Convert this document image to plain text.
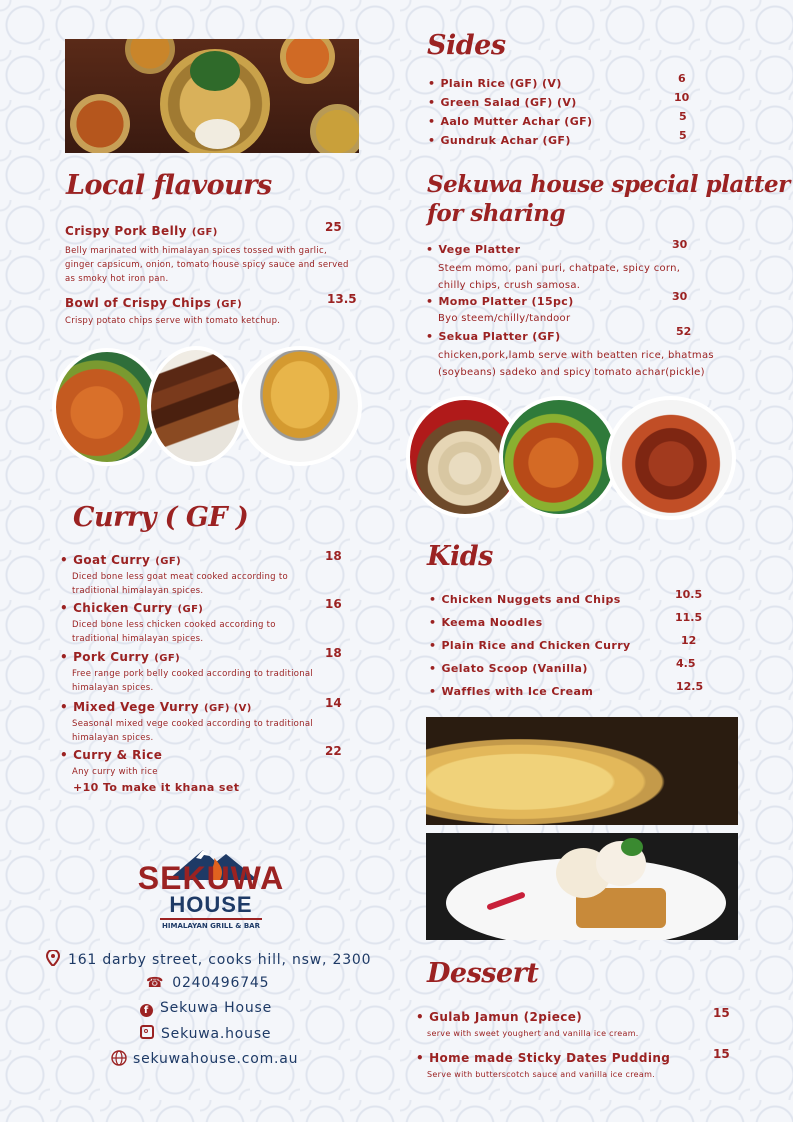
Local flavours
Crispy Pork Belly (GF)	25
Belly marinated with himalayan spices tossed with garlic, ginger capsicum, onion, tomato house spicy sauce and served as smoky hot iron pan.
Bowl of Crispy Chips (GF)	13.5
Crispy potato chips serve with tomato ketchup.
Curry ( GF )
• Goat Curry (GF)	18
Diced bone less goat meat cooked according to traditional himalayan spices.
• Chicken Curry (GF)	16
Diced bone less chicken cooked according to traditional himalayan spices.
• Pork Curry (GF)	18
Free range pork belly cooked according to traditional himalayan spices.
• Mixed Vege Vurry (GF) (V)	14
Seasonal mixed vege cooked according to traditional himalayan spices.
• Curry & Rice	22
Any curry with rice
+10 To make it khana set
SEKUWA
HOUSE
HIMALAYAN GRILL & BAR
161 darby street, cooks hill, nsw, 2300
☎ 0240496745
f Sekuwa House
Sekuwa.house
sekuwahouse.com.au
Sides
• Plain Rice (GF) (V)	6
• Green Salad (GF) (V)	10
• Aalo Mutter Achar (GF)	5
• Gundruk Achar (GF)	5
Sekuwa house special platter
for sharing
• Vege Platter	30
Steem momo, pani puri, chatpate, spicy corn, chilly chips, crush samosa.
• Momo Platter (15pc)	30
Byo steem/chilly/tandoor
• Sekua Platter (GF)	52
chicken,pork,lamb serve with beatten rice, bhatmas (soybeans) sadeko and spicy tomato achar(pickle)
Kids
• Chicken Nuggets and Chips	10.5
• Keema Noodles	11.5
• Plain Rice and Chicken Curry	12
• Gelato Scoop (Vanilla)	4.5
• Waffles with Ice Cream	12.5
Dessert
• Gulab Jamun (2piece)	15
serve with sweet youghert and vanilla ice cream.
• Home made Sticky Dates Pudding	15
Serve with butterscotch sauce and vanilla ice cream.
